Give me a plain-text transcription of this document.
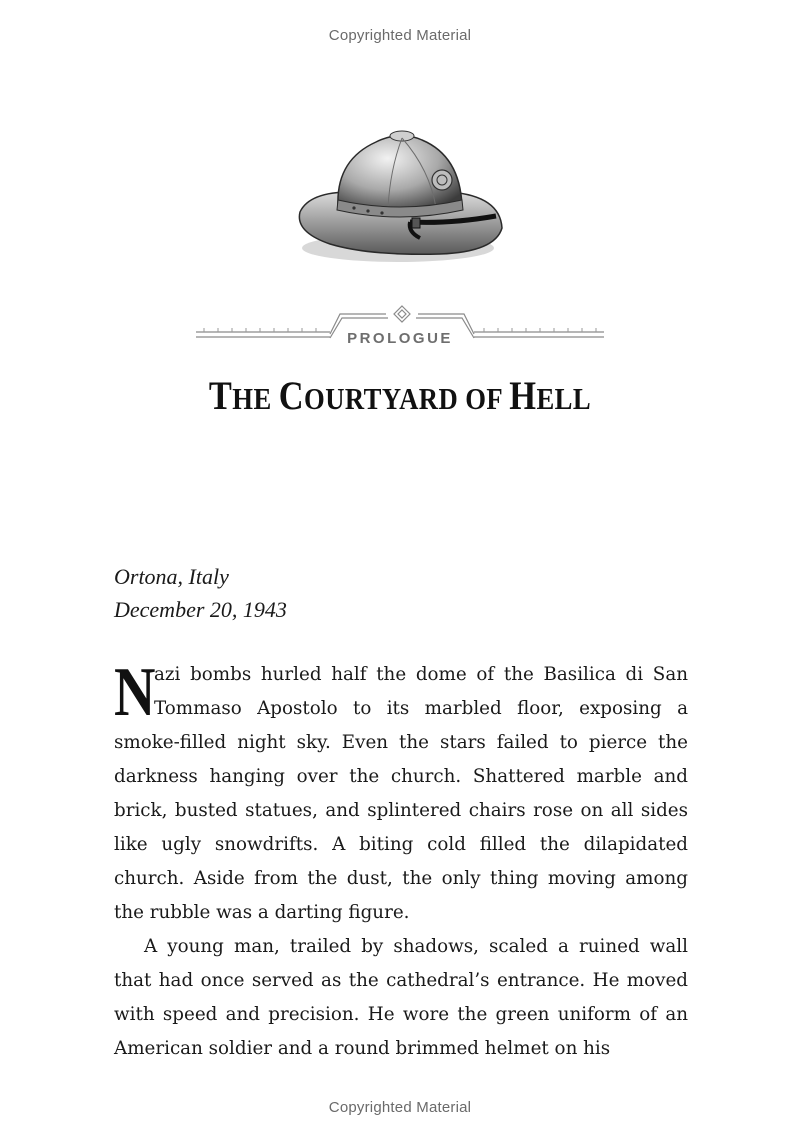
Copyrighted Material
PROLOGUE
THE COURTYARD OF HELL
Ortona, Italy
December 20, 1943

N
azi bombs hurled half the dome of the Basilica di San Tommaso Apostolo to its marbled floor, exposing a smoke-filled night sky. Even the stars failed to pierce the darkness hanging over the church. Shattered marble and brick, busted statues, and splintered chairs rose on all sides like ugly snowdrifts. A biting cold filled the dilapidated church. Aside from the dust, the only thing moving among the rubble was a darting figure.

A young man, trailed by shadows, scaled a ruined wall that had once served as the cathedral’s entrance. He moved with speed and precision. He wore the green uniform of an American soldier and a round brimmed helmet on his

Copyrighted Material
